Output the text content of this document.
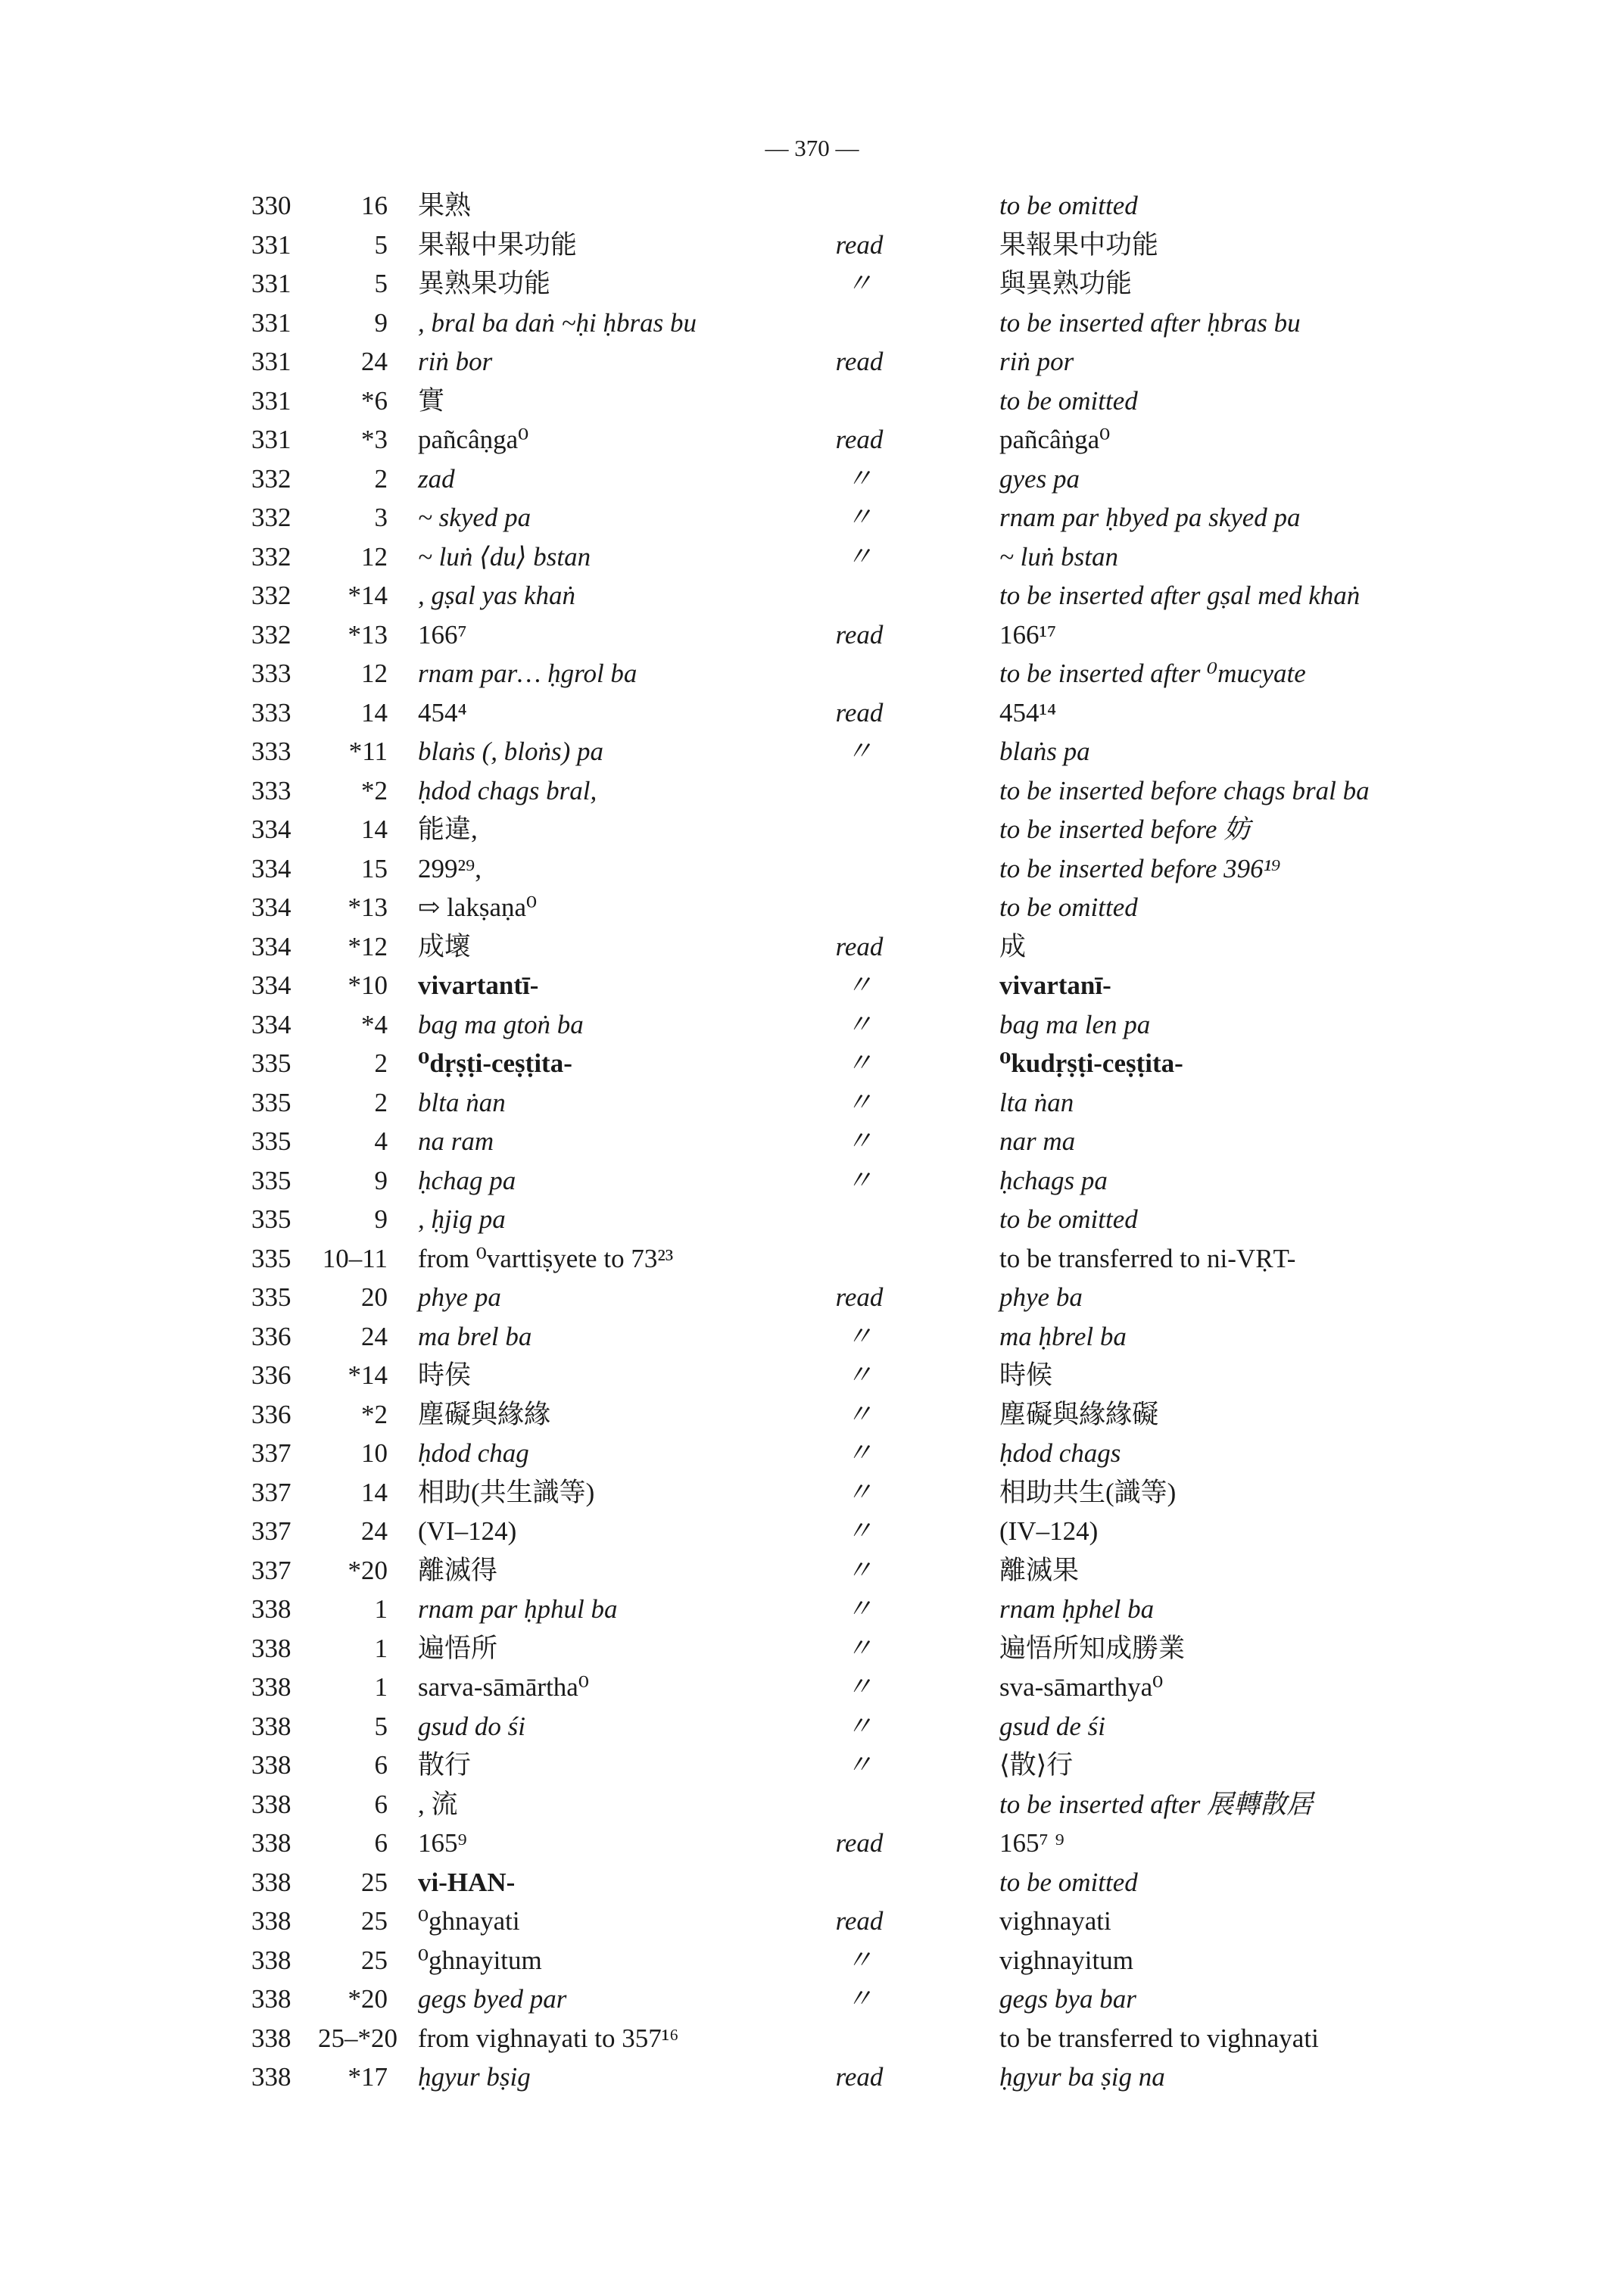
— 370 —
330	16 果熟	to be omitted
331	5 果報中果功能	read	果報果中功能
331	5 異熟果功能	〃	與異熟功能
331	9 , bral ba daṅ ~ḥi ḥbras bu	to be inserted after ḥbras bu
331	24 riṅ bor	read	riṅ por
331	*6 實	to be omitted
331	*3 pañcâṇga⁰	read	pañcâṅga⁰
332	2 zad	〃	gyes pa
332	3 ~ skyed pa	〃	rnam par ḥbyed pa skyed pa
332	12 ~ luṅ ⟨du⟩ bstan	〃	~ luṅ bstan
332	*14 , gṣal yas khaṅ	to be inserted after gṣal med khaṅ
332	*13 166⁷	read	166¹⁷
333	12 rnam par… ḥgrol ba	to be inserted after ⁰mucyate
333	14 454⁴	read	454¹⁴
333	*11 blaṅs (, bloṅs) pa	〃	blaṅs pa
333	*2 ḥdod chags bral,	to be inserted before chags bral ba
334	14 能違,	to be inserted before 妨
334	15 299²⁹,	to be inserted before 396¹⁹
334	*13 ⇨ lakṣaṇa⁰	to be omitted
334	*12 成壞	read	成
334	*10 vivartantī-	〃	vivartanī-
334	*4 bag ma gtoṅ ba	〃	bag ma len pa
335	2 ⁰dṛṣṭi-ceṣṭita-	〃	⁰kudṛṣṭi-ceṣṭita-
335	2 blta ṅan	〃	lta ṅan
335	4 na ram	〃	nar ma
335	9 ḥchag pa	〃	ḥchags pa
335	9 , ḥjig pa	to be omitted
335	10–11 from ⁰varttiṣyete to 73²³	to be transferred to ni-VṚT-
335	20 phye pa	read	phye ba
336	24 ma brel ba	〃	ma ḥbrel ba
336	*14 時侯	〃	時候
336	*2 塵礙與緣緣	〃	塵礙與緣緣礙
337	10 ḥdod chag	〃	ḥdod chags
337	14 相助(共生識等)	〃	相助共生(識等)
337	24 (VI–124)	〃	(IV–124)
337	*20 離滅得	〃	離滅果
338	1 rnam par ḥphul ba	〃	rnam ḥphel ba
338	1 遍悟所	〃	遍悟所知成勝業
338	1 sarva-sāmārtha⁰	〃	sva-sāmarthya⁰
338	5 gsud do śi	〃	gsud de śi
338	6 散行	〃	⟨散⟩行
338	6 , 流	to be inserted after 展轉散居
338	6 165⁹	read	165⁷ ⁹
338	25 vi-HAN-	to be omitted
338	25 ⁰ghnayati	read	vighnayati
338	25 ⁰ghnayitum	〃	vighnayitum
338	*20 gegs byed par	〃	gegs bya bar
338	25–*20 from vighnayati to 357¹⁶	to be transferred to vighnayati
338	*17 ḥgyur bṣig	read	ḥgyur ba ṣig na
